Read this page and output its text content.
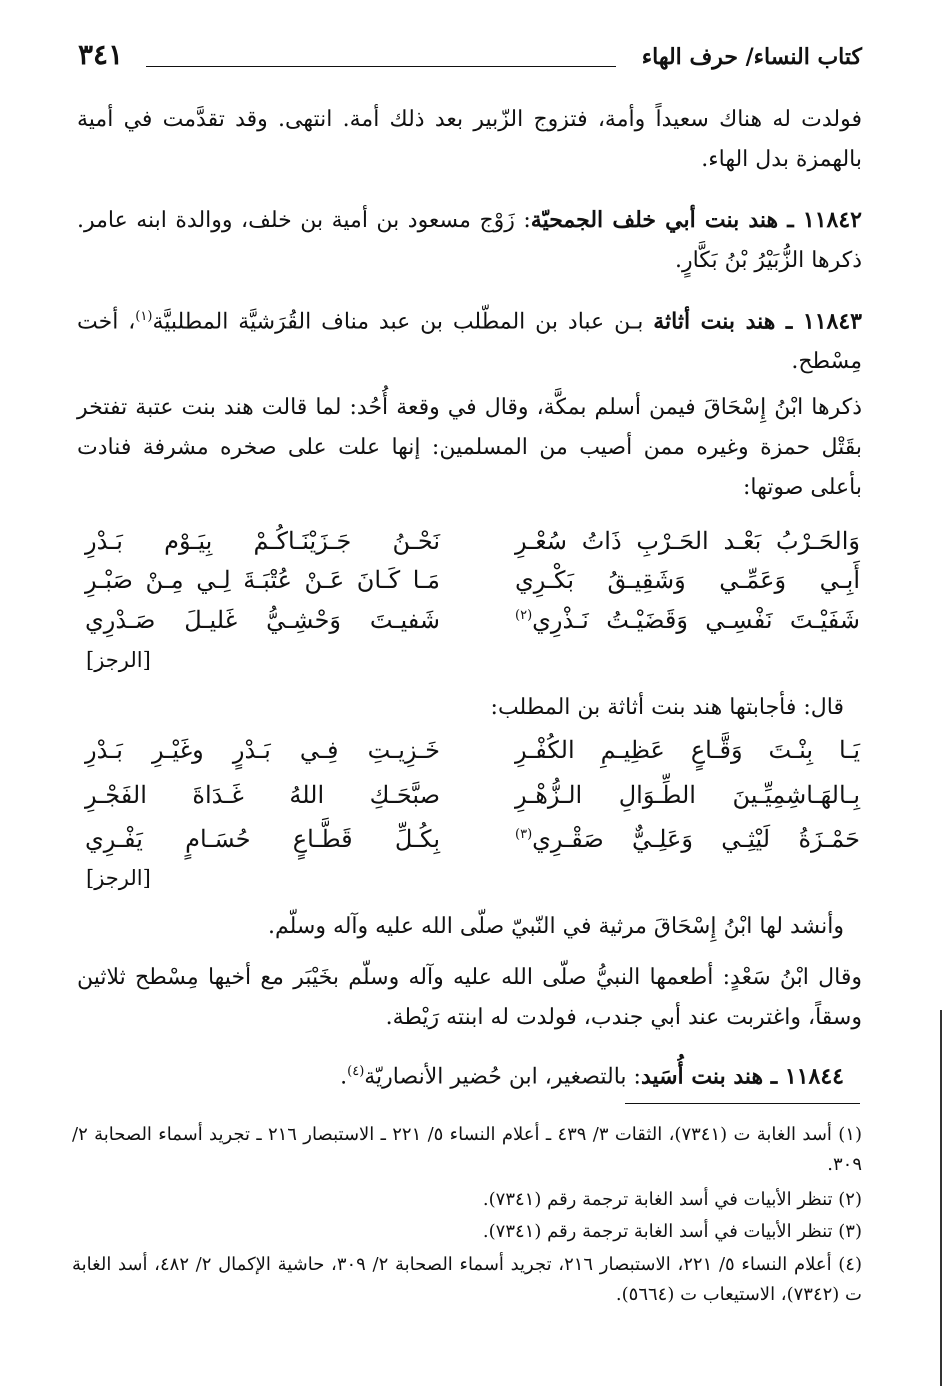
كتاب النساء/ حرف الهاء
٣٤١
فولدت له هناك سعيداً وأمة، فتزوج الزّبير بعد ذلك أمة. انتهى. وقد تقدَّمت في أمية بالهمزة بدل الهاء.
١١٨٤٢ ـ هند بنت أبي خلف الجمحيّة: زَوْج مسعود بن أمية بن خلف، ووالدة ابنه عامر. ذكرها الزُّبَيْرُ بْنُ بَكَّارٍ.
١١٨٤٣ ـ هند بنت أثاثة بـن عباد بن المطّلب بن عبد مناف القُرَشيَّة المطلبيَّة$^{(١)}$، أخت مِسْطح.
ذكرها ابْنُ إِسْحَاقَ فيمن أسلم بمكَّة، وقال في وقعة أُحُد: لما قالت هند بنت عتبة تفتخر بقَتْل حمزة وغيره ممن أصيب من المسلمين: إنها علت على صخره مشرفة فنادت بأعلى صوتها:
نَحْـنُ جَـزَيْنَـاكُـمْ بِيَـوْم بَـدْرِ	وَالحَـرْبُ بَعْـد الحَـرْبِ ذَاتُ سُعْـرِ
مَـا كَـانَ عَـنْ عُتْبَـةَ لِـي مِـنْ صَبْـرِ	أَبِـي وَعَمِّـي وَشَقِيـقُ بَكْـرِي
شَفيـتَ وَحْشِـيُّ غَليـلَ صَـدْرِي	شَفَيْـتَ نَفْسِـي وَقَضَيْـتُ نَـذْرِي$^{(٢)}$
[الرجز]
قال: فأجابتها هند بنت أثاثة بن المطلب:
خَـزِيـتِ فِـي بَـدْرٍ وغَيْـرِ بَـدْرِ	يَـا بِنْـتَ وَقَّـاعٍ عَظِيـمِ الكُفْـرِ
صبَّحَـكِ اللهُ غَـدَاةَ الفَجْـرِ	بِـالهَـاشِمِيِّـينَ الطِّـوَالِ الـزُّهْـرِ
بِكُـلِّ قَطَّـاعٍ حُسَـامٍ يَفْـرِي	حَمْـزَةُ لَيْثِـي وَعَلِـيٌّ صَقْـرِي$^{(٣)}$
[الرجز]
وأنشد لها ابْنُ إِسْحَاقَ مرثية في النّبيّ صلّى الله عليه وآله وسلّم.
وقال ابْنُ سَعْدٍ: أطعمها النبيُّ صلّى الله عليه وآله وسلّم بخَيْبَر مع أخيها مِسْطح ثلاثين وسقاً، واغتربت عند أبي جندب، فولدت له ابنته رَيْطة.
١١٨٤٤ ـ هند بنت أُسَيد: بالتصغير، ابن حُضير الأنصاريّة$^{(٤)}$.
(١) أسد الغابة ت (٧٣٤١)، الثقات ٣/ ٤٣٩ ـ أعلام النساء ٥/ ٢٢١ ـ الاستبصار ٢١٦ ـ تجريد أسماء الصحابة ٢/ ٣٠٩.
(٢) تنظر الأبيات في أسد الغابة ترجمة رقم (٧٣٤١).
(٣) تنظر الأبيات في أسد الغابة ترجمة رقم (٧٣٤١).
(٤) أعلام النساء ٥/ ٢٢١، الاستبصار ٢١٦، تجريد أسماء الصحابة ٢/ ٣٠٩، حاشية الإكمال ٢/ ٤٨٢، أسد الغابة ت (٧٣٤٢)، الاستيعاب ت (٥٦٦٤).
